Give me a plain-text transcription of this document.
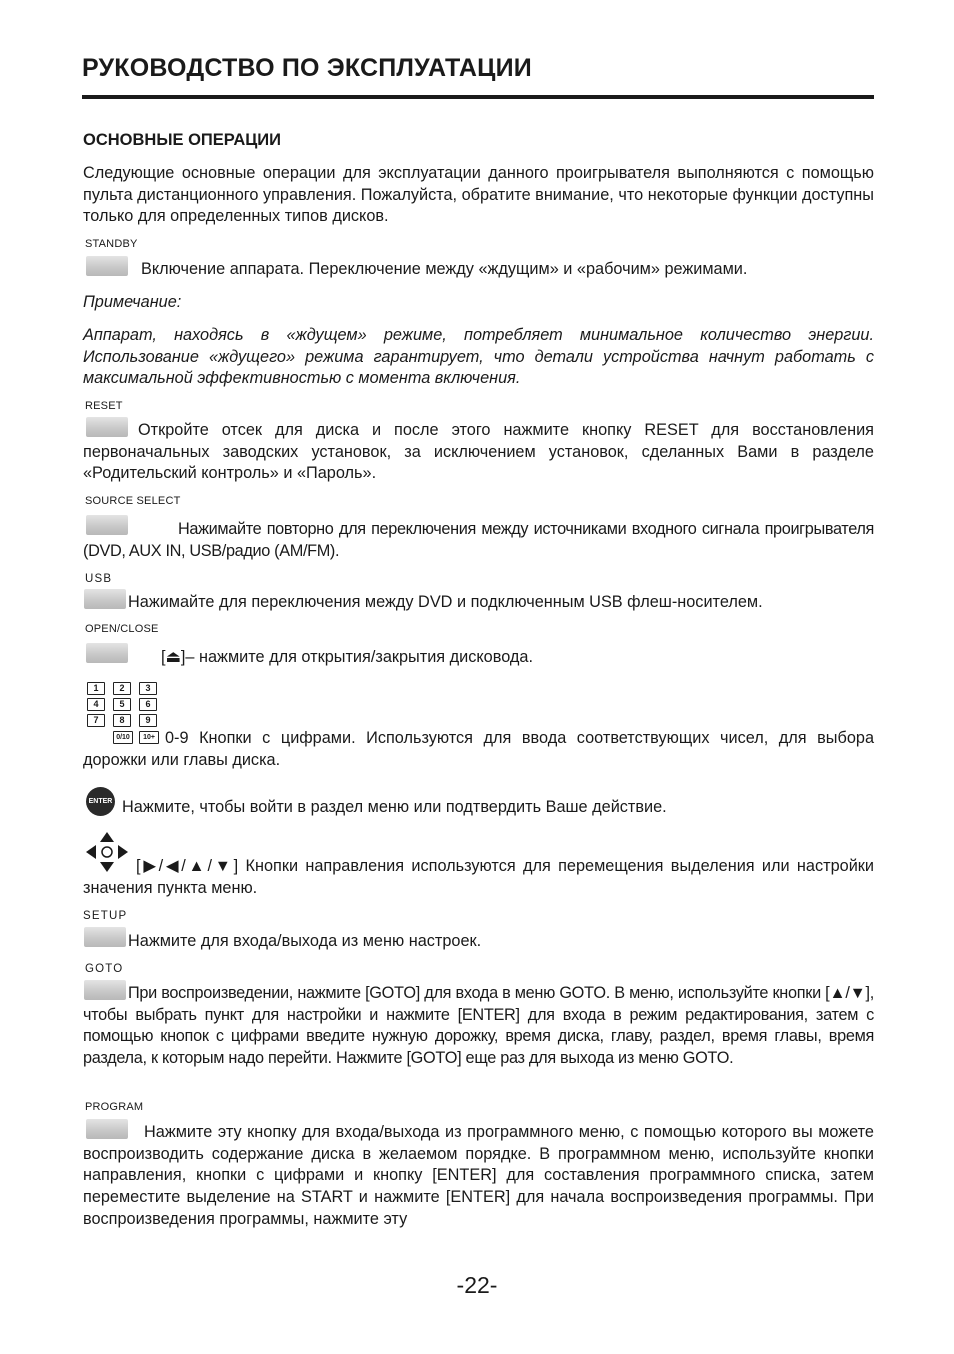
РУКОВОДСТВО ПО ЭКСПЛУАТАЦИИ
ОСНОВНЫЕ ОПЕРАЦИИ
Следующие основные операции для эксплуатации данного проигрывателя выполняются с помощью пульта дистанционного управления. Пожалуйста, обратите внимание, что некоторые функции доступны только для определенных типов дисков.
STANDBY
Включение аппарата. Переключение между «ждущим» и «рабочим» режимами.
Примечание:
Аппарат, находясь в «ждущем» режиме, потребляет минимальное количество энергии. Использование «ждущего» режима гарантирует, что детали устройства начнут работать с максимальной эффективностью с момента включения.
RESET
Откройте отсек для диска и после этого нажмите кнопку RESET для восстановления первоначальных заводских установок, за исключением установок, сделанных Вами в разделе «Родительский контроль» и «Пароль».
SOURCE SELECT
Нажимайте повторно для переключения между источниками входного сигнала проигрывателя (DVD, AUX IN, USB/радио (AM/FM).
USB
Нажимайте для переключения между DVD и подключенным USB флеш-носителем.
OPEN/CLOSE
[⏏]– нажмите для открытия/закрытия дисковода.
1	2	3
4	5	6
7	8	9
0/10	10+ 0-9 Кнопки с цифрами. Используются для ввода соответствующих чисел, для выбора дорожки или главы диска.
ENTER Нажмите, чтобы войти в раздел меню или подтвердить Ваше действие.
[▶/◀/▲/▼] Кнопки направления используются для перемещения выделения или настройки значения пункта меню.
SETUP
Нажмите для входа/выхода из меню настроек.
GOTO
При воспроизведении, нажмите [GOTO] для входа в меню GOTO. В меню, используйте кнопки [▲/▼], чтобы выбрать пункт для настройки и нажмите [ENTER] для входа в режим редактирования, затем с помощью кнопок с цифрами введите нужную дорожку, время диска, главу, раздел, время главы, время раздела, к которым надо перейти. Нажмите [GOTO] еще раз для выхода из меню GOTO.
PROGRAM
Нажмите эту кнопку для входа/выхода из программного меню, с помощью которого вы можете воспроизводить содержание диска в желаемом порядке. В программном меню, используйте кнопки направления, кнопки с цифрами и кнопку [ENTER] для составления программного списка, затем переместите выделение на START и нажмите [ENTER] для начала воспроизведения программы. При воспроизведения программы, нажмите эту
-22-
